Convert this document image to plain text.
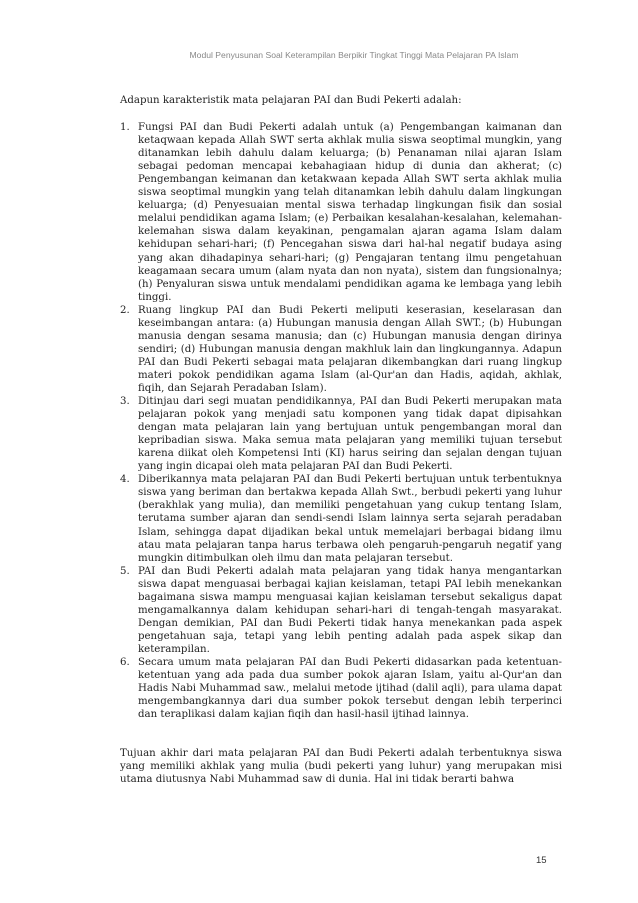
Modul Penyusunan Soal Keterampilan Berpikir Tingkat Tinggi Mata Pelajaran PA Islam

Adapun karakteristik mata pelajaran PAI dan Budi Pekerti adalah:

1. Fungsi PAI dan Budi Pekerti adalah untuk (a) Pengembangan kaimanan dan ketaqwaan kepada Allah SWT serta akhlak mulia siswa seoptimal mungkin, yang ditanamkan lebih dahulu dalam keluarga; (b) Penanaman nilai ajaran Islam sebagai pedoman mencapai kebahagiaan hidup di dunia dan akherat; (c) Pengembangan keimanan dan ketakwaan kepada Allah SWT serta akhlak mulia siswa seoptimal mungkin yang telah ditanamkan lebih dahulu dalam lingkungan keluarga; (d) Penyesuaian mental siswa terhadap lingkungan fisik dan sosial melalui pendidikan agama Islam; (e) Perbaikan kesalahan-kesalahan, kelemahan-kelemahan siswa dalam keyakinan, pengamalan ajaran agama Islam dalam kehidupan sehari-hari; (f) Pencegahan siswa dari hal-hal negatif budaya asing yang akan dihadapinya sehari-hari; (g) Pengajaran tentang ilmu pengetahuan keagamaan secara umum (alam nyata dan non nyata), sistem dan fungsionalnya; (h) Penyaluran siswa untuk mendalami pendidikan agama ke lembaga yang lebih tinggi.
2. Ruang lingkup PAI dan Budi Pekerti meliputi keserasian, keselarasan dan keseimbangan antara: (a) Hubungan manusia dengan Allah SWT.; (b) Hubungan manusia dengan sesama manusia; dan (c) Hubungan manusia dengan dirinya sendiri; (d) Hubungan manusia dengan makhluk lain dan lingkungannya. Adapun PAI dan Budi Pekerti sebagai mata pelajaran dikembangkan dari ruang lingkup materi pokok pendidikan agama Islam (al-Qur'an dan Hadis, aqidah, akhlak, fiqih, dan Sejarah Peradaban Islam).
3. Ditinjau dari segi muatan pendidikannya, PAI dan Budi Pekerti merupakan mata pelajaran pokok yang menjadi satu komponen yang tidak dapat dipisahkan dengan mata pelajaran lain yang bertujuan untuk pengembangan moral dan kepribadian siswa. Maka semua mata pelajaran yang memiliki tujuan tersebut karena diikat oleh Kompetensi Inti (KI) harus seiring dan sejalan dengan tujuan yang ingin dicapai oleh mata pelajaran PAI dan Budi Pekerti.
4. Diberikannya mata pelajaran PAI dan Budi Pekerti bertujuan untuk terbentuknya siswa yang beriman dan bertakwa kepada Allah Swt., berbudi pekerti yang luhur (berakhlak yang mulia), dan memiliki pengetahuan yang cukup tentang Islam, terutama sumber ajaran dan sendi-sendi Islam lainnya serta sejarah peradaban Islam, sehingga dapat dijadikan bekal untuk memelajari berbagai bidang ilmu atau mata pelajaran tanpa harus terbawa oleh pengaruh-pengaruh negatif yang mungkin ditimbulkan oleh ilmu dan mata pelajaran tersebut.
5. PAI dan Budi Pekerti adalah mata pelajaran yang tidak hanya mengantarkan siswa dapat menguasai berbagai kajian keislaman, tetapi PAI lebih menekankan bagaimana siswa mampu menguasai kajian keislaman tersebut sekaligus dapat mengamalkannya dalam kehidupan sehari-hari di tengah-tengah masyarakat. Dengan demikian, PAI dan Budi Pekerti tidak hanya menekankan pada aspek pengetahuan saja, tetapi yang lebih penting adalah pada aspek sikap dan keterampilan.
6. Secara umum mata pelajaran PAI dan Budi Pekerti didasarkan pada ketentuan-ketentuan yang ada pada dua sumber pokok ajaran Islam, yaitu al-Qur'an dan Hadis Nabi Muhammad saw., melalui metode ijtihad (dalil aqli), para ulama dapat mengembangkannya dari dua sumber pokok tersebut dengan lebih terperinci dan teraplikasi dalam kajian fiqih dan hasil-hasil ijtihad lainnya.

Tujuan akhir dari mata pelajaran PAI dan Budi Pekerti adalah terbentuknya siswa yang memiliki akhlak yang mulia (budi pekerti yang luhur) yang merupakan misi utama diutusnya Nabi Muhammad saw di dunia. Hal ini tidak berarti bahwa

15
